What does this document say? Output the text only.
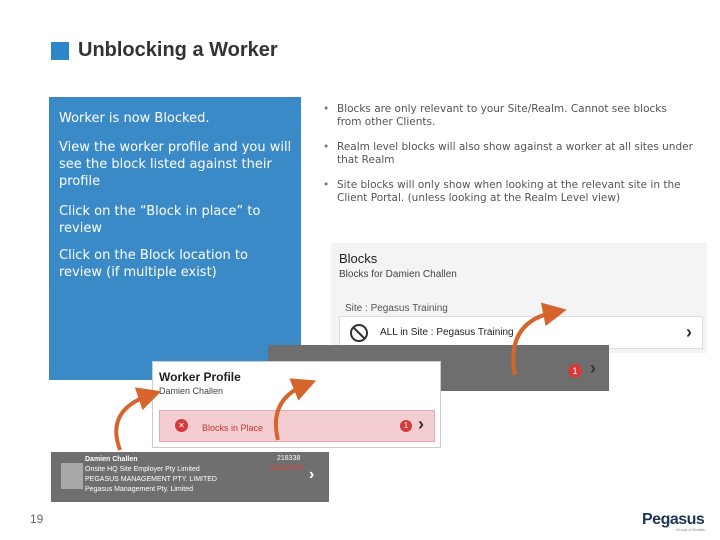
Unblocking a Worker
Worker is now Blocked.
View the worker profile and you will see the block listed against their profile
Click on the “Block in place” to review
Click on the Block location to review (if multiple exist)
• Blocks are only relevant to your Site/Realm. Cannot see blocks from other Clients.
• Realm level blocks will also show against a worker at all sites under that Realm
• Site blocks will only show when looking at the relevant site in the Client Portal. (unless looking at the Realm Level view)
Blocks
Blocks for Damien Challen
Site : Pegasus Training
ALL in Site : Pegasus Training	›
1 ›
Worker Profile
Damien Challen
✕	Blocks in Place	1 ›
Damien Challen
Onsite HQ Site Employer Pty Limited
PEGASUS MANAGEMENT PTY. LIMITED
Pegasus Management Pty. Limited
218338
BLOCKED ›
19	Pegasus
Group of Bodies
